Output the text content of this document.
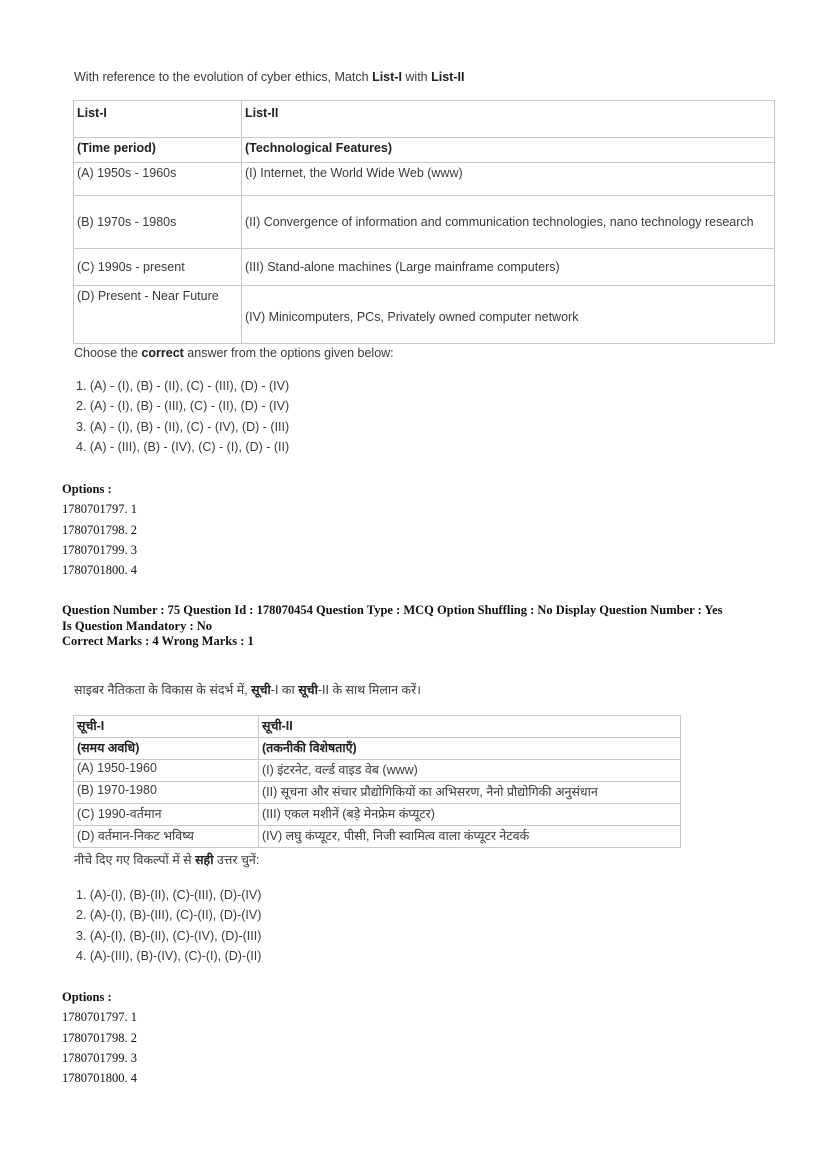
With reference to the evolution of cyber ethics, Match List-I with List-II
List-I	List-II
(Time period)	(Technological Features)
(A) 1950s - 1960s	(I) Internet, the World Wide Web (www)
(B) 1970s - 1980s	(II) Convergence of information and communication technologies, nano technology research
(C) 1990s - present	(III) Stand-alone machines (Large mainframe computers)
(D) Present - Near Future	(IV) Minicomputers, PCs, Privately owned computer network
Choose the correct answer from the options given below:
1. (A) - (I), (B) - (II), (C) - (III), (D) - (IV)
2. (A) - (I), (B) - (III), (C) - (II), (D) - (IV)
3. (A) - (I), (B) - (II), (C) - (IV), (D) - (III)
4. (A) - (III), (B) - (IV), (C) - (I), (D) - (II)
Options :
1780701797. 1
1780701798. 2
1780701799. 3
1780701800. 4
Question Number : 75 Question Id : 178070454 Question Type : MCQ Option Shuffling : No Display Question Number : Yes
Is Question Mandatory : No
Correct Marks : 4 Wrong Marks : 1
साइबर नैतिकता के विकास के संदर्भ में, सूची-I का सूची-II के साथ मिलान करें।
सूची-I	सूची-II
(समय अवधि)	(तकनीकी विशेषताएँ)
(A) 1950-1960	(I) इंटरनेट, वर्ल्ड वाइड वेब (www)
(B) 1970-1980	(II) सूचना और संचार प्रौद्योगिकियों का अभिसरण, नैनो प्रौद्योगिकी अनुसंधान
(C) 1990-वर्तमान	(III) एकल मशीनें (बड़े मेनफ्रेम कंप्यूटर)
(D) वर्तमान-निकट भविष्य	(IV) लघु कंप्यूटर, पीसी, निजी स्वामित्व वाला कंप्यूटर नेटवर्क
नीचे दिए गए विकल्पों में से सही उत्तर चुनें:
1. (A)-(I), (B)-(II), (C)-(III), (D)-(IV)
2. (A)-(I), (B)-(III), (C)-(II), (D)-(IV)
3. (A)-(I), (B)-(II), (C)-(IV), (D)-(III)
4. (A)-(III), (B)-(IV), (C)-(I), (D)-(II)
Options :
1780701797. 1
1780701798. 2
1780701799. 3
1780701800. 4
